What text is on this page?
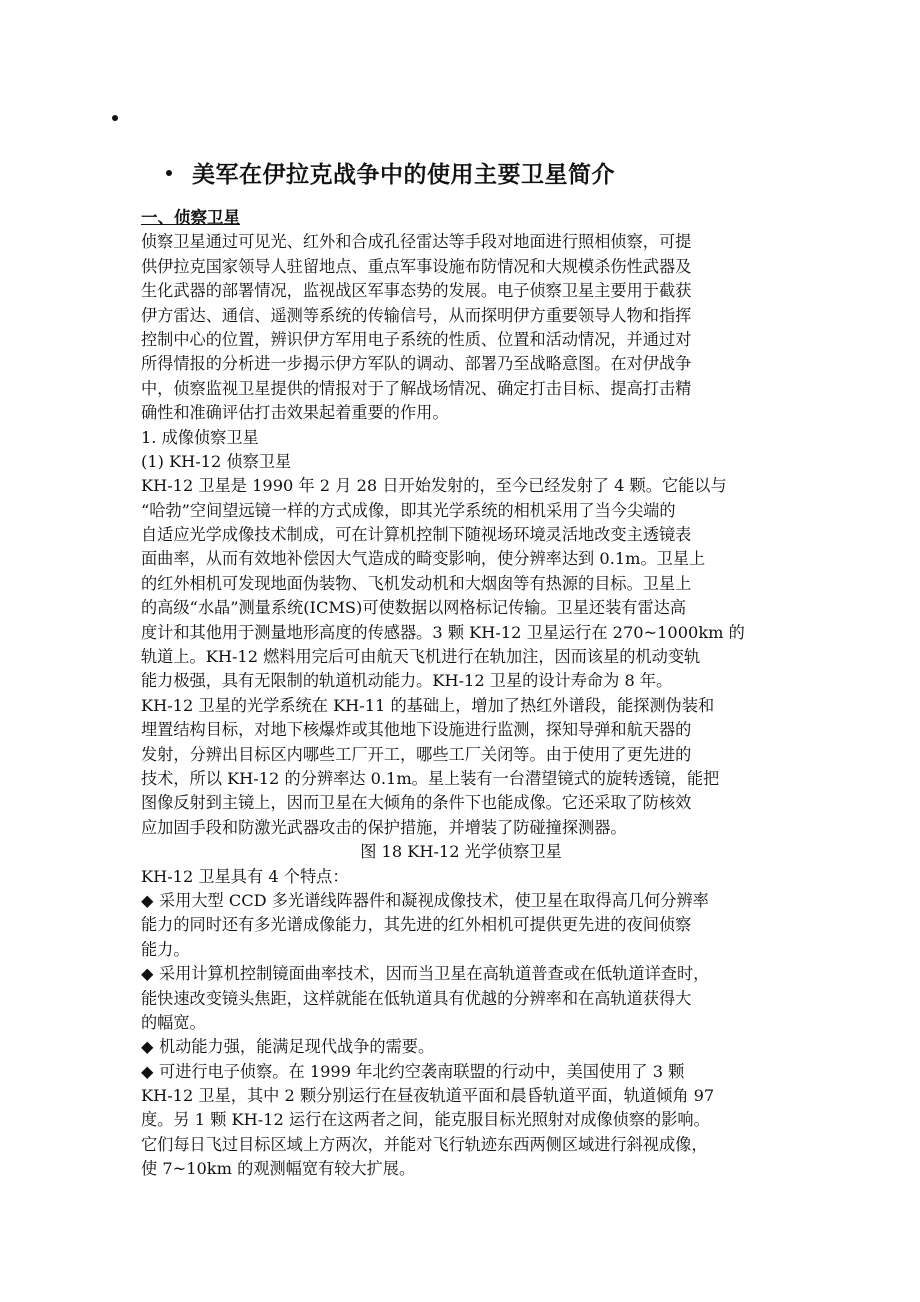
美军在伊拉克战争中的使用主要卫星简介
一、侦察卫星
侦察卫星通过可见光、红外和合成孔径雷达等手段对地面进行照相侦察，可提
供伊拉克国家领导人驻留地点、重点军事设施布防情况和大规模杀伤性武器及
生化武器的部署情况，监视战区军事态势的发展。电子侦察卫星主要用于截获
伊方雷达、通信、遥测等系统的传输信号，从而探明伊方重要领导人物和指挥
控制中心的位置，辨识伊方军用电子系统的性质、位置和活动情况，并通过对
所得情报的分析进一步揭示伊方军队的调动、部署乃至战略意图。在对伊战争
中，侦察监视卫星提供的情报对于了解战场情况、确定打击目标、提高打击精
确性和准确评估打击效果起着重要的作用。
1. 成像侦察卫星
(1) KH-12 侦察卫星
KH-12 卫星是 1990 年 2 月 28 日开始发射的，至今已经发射了 4 颗。它能以与
“哈勃”空间望远镜一样的方式成像，即其光学系统的相机采用了当今尖端的
自适应光学成像技术制成，可在计算机控制下随视场环境灵活地改变主透镜表
面曲率，从而有效地补偿因大气造成的畸变影响，使分辨率达到 0.1m。卫星上
的红外相机可发现地面伪装物、飞机发动机和大烟囱等有热源的目标。卫星上
的高级“水晶”测量系统(ICMS)可使数据以网格标记传输。卫星还装有雷达高
度计和其他用于测量地形高度的传感器。3 颗 KH-12 卫星运行在 270~1000km 的
轨道上。KH-12 燃料用完后可由航天飞机进行在轨加注，因而该星的机动变轨
能力极强，具有无限制的轨道机动能力。KH-12 卫星的设计寿命为 8 年。
KH-12 卫星的光学系统在 KH-11 的基础上，增加了热红外谱段，能探测伪装和
埋置结构目标，对地下核爆炸或其他地下设施进行监测，探知导弹和航天器的
发射，分辨出目标区内哪些工厂开工，哪些工厂关闭等。由于使用了更先进的
技术，所以 KH-12 的分辨率达 0.1m。星上装有一台潜望镜式的旋转透镜，能把
图像反射到主镜上，因而卫星在大倾角的条件下也能成像。它还采取了防核效
应加固手段和防激光武器攻击的保护措施，并增装了防碰撞探测器。
图 18 KH-12 光学侦察卫星
KH-12 卫星具有 4 个特点：
◆ 采用大型 CCD 多光谱线阵器件和凝视成像技术，使卫星在取得高几何分辨率
能力的同时还有多光谱成像能力，其先进的红外相机可提供更先进的夜间侦察
能力。
◆ 采用计算机控制镜面曲率技术，因而当卫星在高轨道普查或在低轨道详查时，
能快速改变镜头焦距，这样就能在低轨道具有优越的分辨率和在高轨道获得大
的幅宽。
◆ 机动能力强，能满足现代战争的需要。
◆ 可进行电子侦察。在 1999 年北约空袭南联盟的行动中，美国使用了 3 颗
KH-12 卫星，其中 2 颗分别运行在昼夜轨道平面和晨昏轨道平面，轨道倾角 97
度。另 1 颗 KH-12 运行在这两者之间，能克服目标光照射对成像侦察的影响。
它们每日飞过目标区域上方两次，并能对飞行轨迹东西两侧区域进行斜视成像，
使 7~10km 的观测幅宽有较大扩展。
